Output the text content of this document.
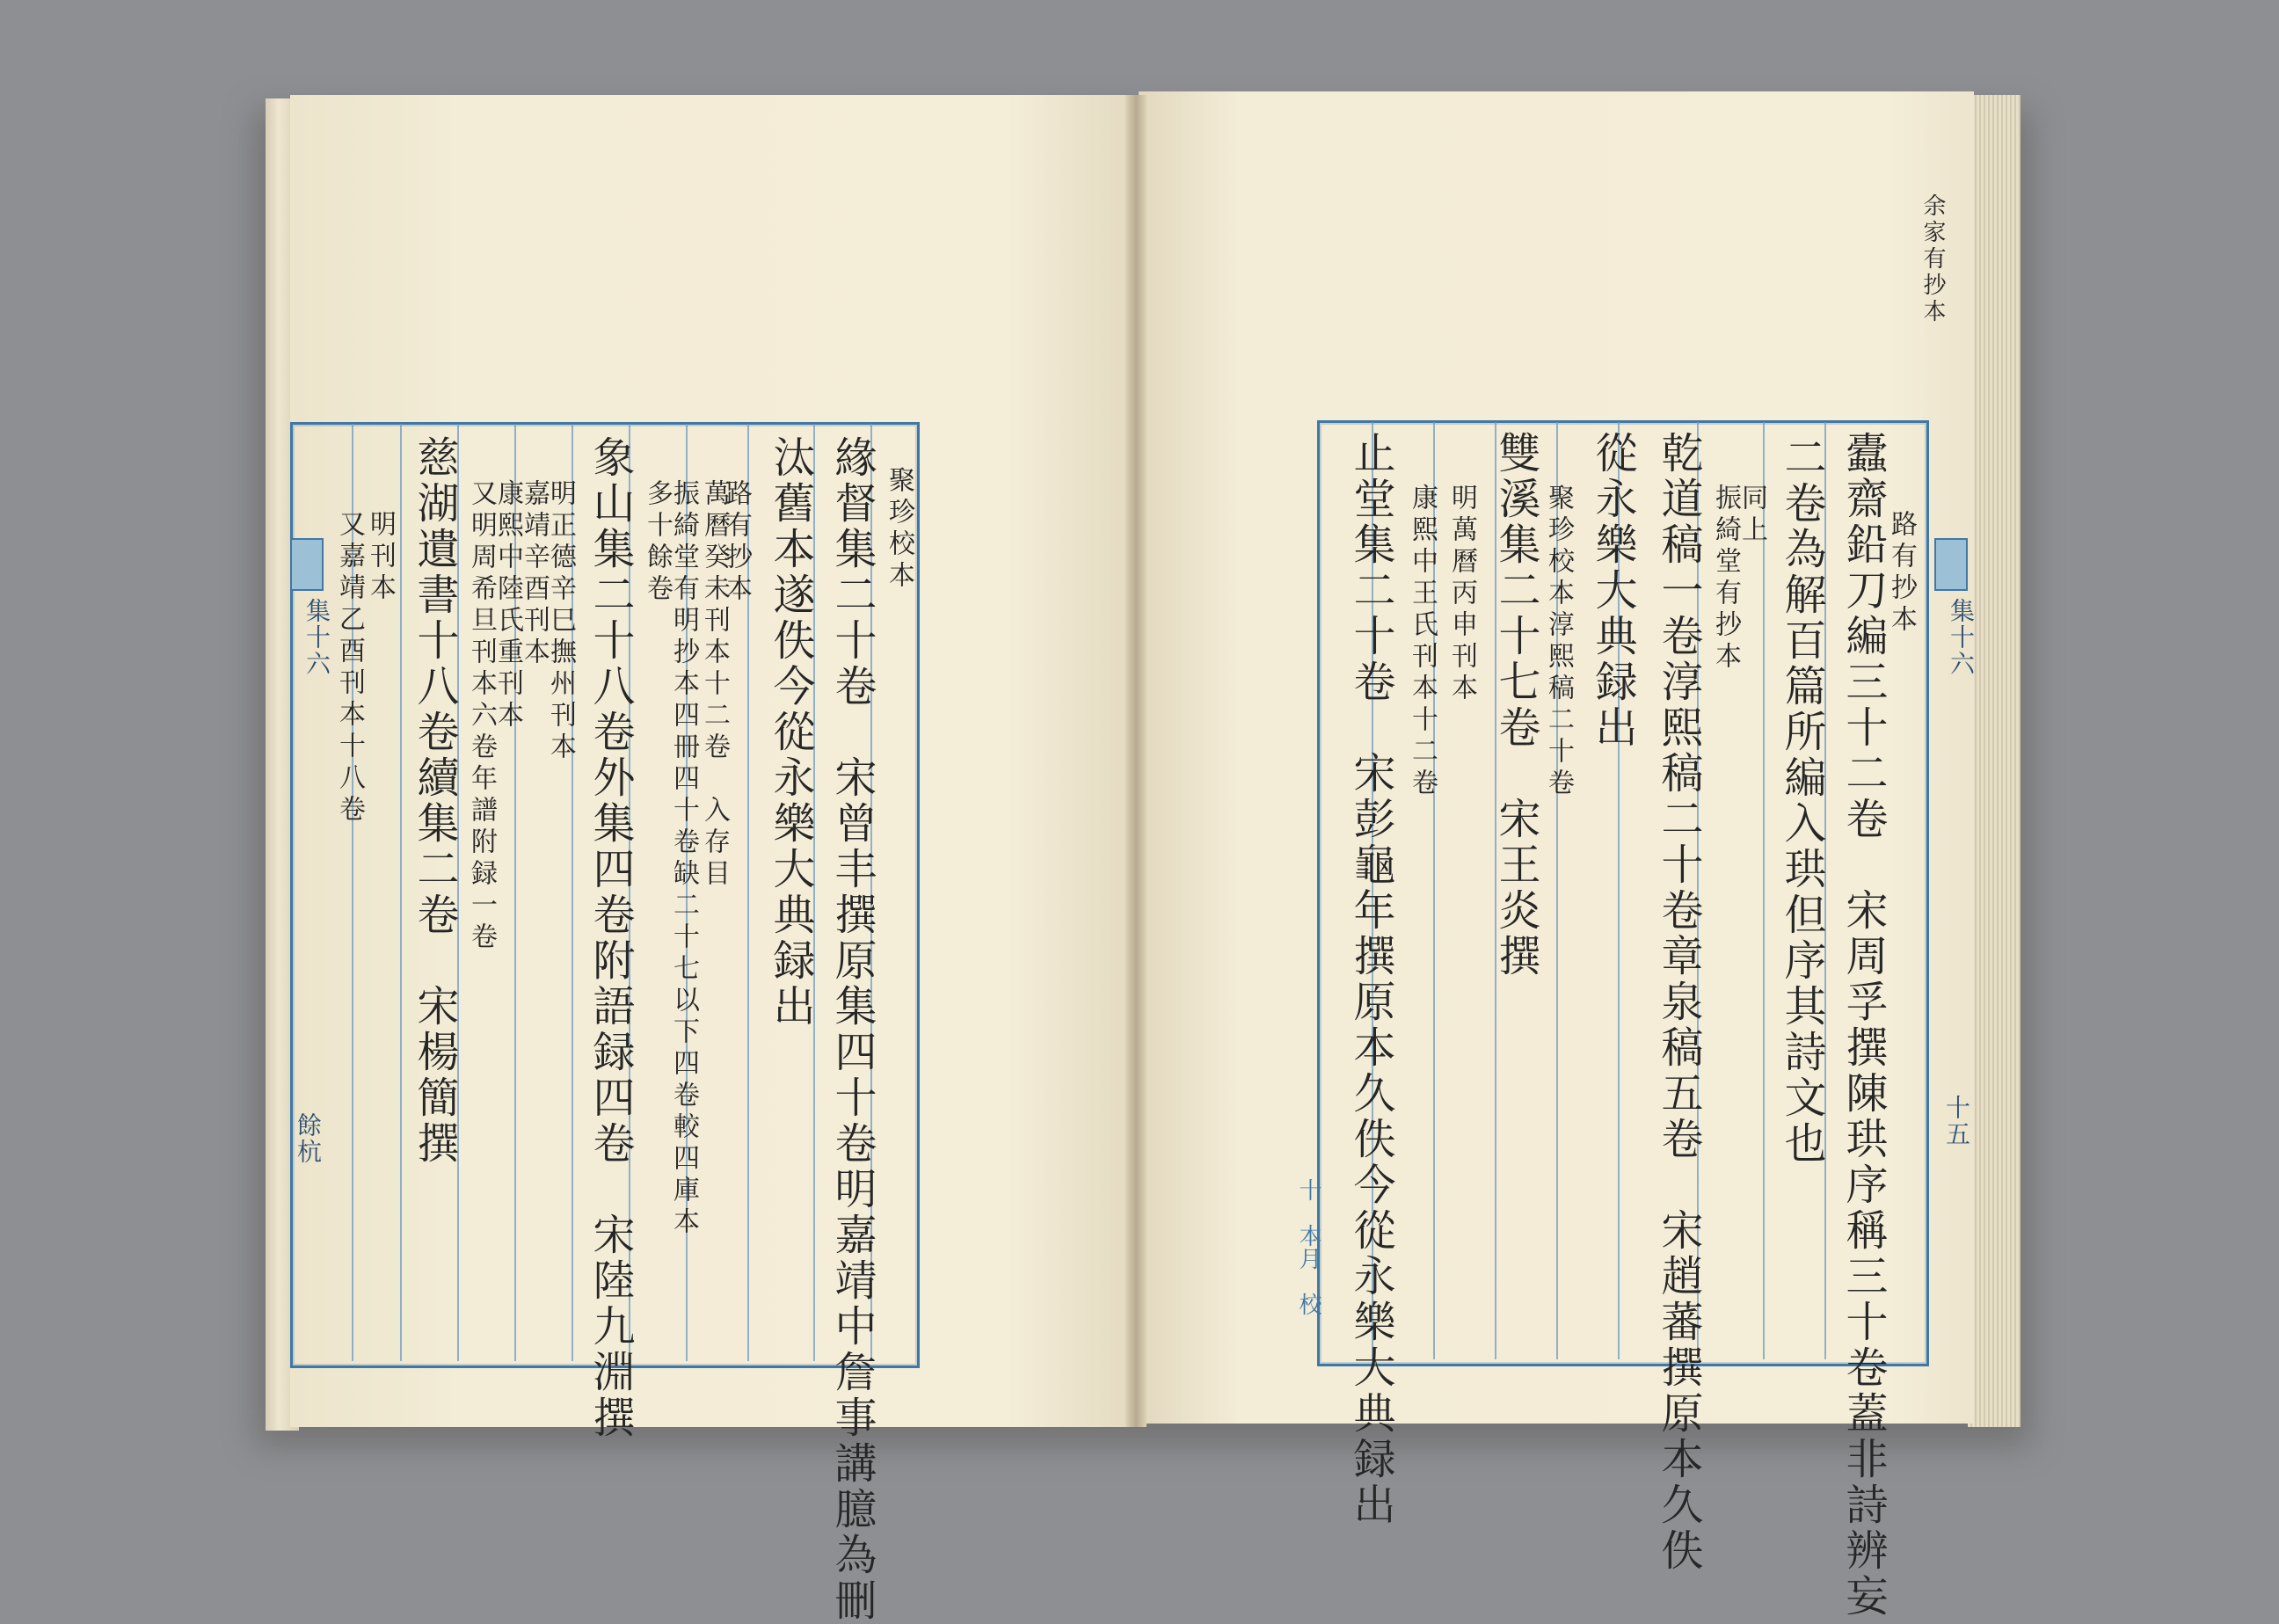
集十六
餘杭
聚珍校本
緣督集二十卷　宋曾丰撰原集四十卷明嘉靖中詹事講臆為刪
汰舊本遂佚今從永樂大典録出
路有抄本
萬曆癸未刊本十二卷　入存目
振綺堂有明抄本四冊四十卷缺二十七以下四卷較四庫本
多十餘卷
象山集二十八卷外集四卷附語録四卷　宋陸九淵撰
明正德辛巳撫州刊本
嘉靖辛酉刊本
康熙中陸氏重刊本
又明周希旦刊本六卷年譜附録一卷
慈湖遺書十八卷續集二卷　宋楊簡撰
明刊本
又嘉靖乙酉刊本十八卷
余家有抄本
集十六
十五
路有抄本
蠹齋鉛刀編三十二卷　宋周孚撰陳珙序稱三十卷蓋非詩辨妄
二卷為解百篇所編入珙但序其詩文也
同上
振綺堂有抄本
乾道稿一卷淳熙稿二十卷章泉稿五卷　宋趙蕃撰原本久佚
從永樂大典録出
聚珍校本淳熙稿二十卷
雙溪集二十七卷　宋王炎撰
明萬曆丙申刊本
康熙中王氏刊本十二卷
止堂集二十卷　宋彭龜年撰原本久佚今從永樂大典録出
十　本月　校
